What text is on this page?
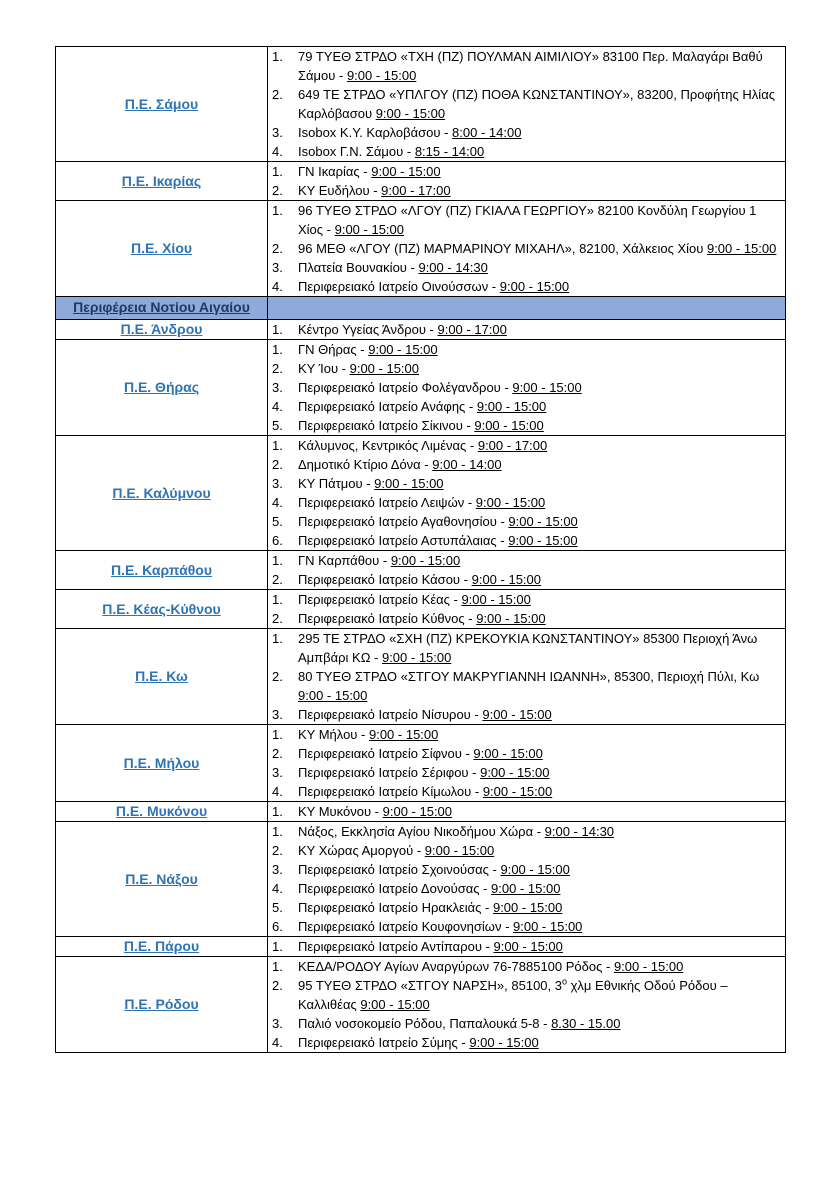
Π.Ε. Σάμου	
79 ΤΥΕΘ ΣΤΡΔΟ «ΤΧΗ (ΠΖ) ΠΟΥΛΜΑΝ ΑΙΜΙΛΙΟΥ» 83100 Περ. Μαλαγάρι Βαθύ Σάμου - 9:00 - 15:00
649 ΤΕ ΣΤΡΔΟ «ΥΠΛΓΟΥ (ΠΖ) ΠΟΘΑ ΚΩΝΣΤΑΝΤΙΝΟΥ», 83200, Προφήτης Ηλίας Καρλόβασου 9:00 - 15:00
Isobox Κ.Υ. Καρλοβάσου - 8:00 - 14:00
Isobox Γ.Ν. Σάμου - 8:15 - 14:00

Π.Ε. Ικαρίας	
ΓΝ Ικαρίας - 9:00 - 15:00
ΚΥ Ευδήλου - 9:00 - 17:00

Π.Ε. Χίου	
96 ΤΥΕΘ ΣΤΡΔΟ «ΛΓΟΥ (ΠΖ) ΓΚΙΑΛΑ ΓΕΩΡΓΙΟΥ» 82100 Κονδύλη Γεωργίου 1 Χίος - 9:00 - 15:00
96 ΜΕΘ «ΛΓΟΥ (ΠΖ) ΜΑΡΜΑΡΙΝΟΥ ΜΙΧΑΗΛ», 82100, Χάλκειος Χίου 9:00 - 15:00
Πλατεία Βουνακίου - 9:00 - 14:30
Περιφερειακό Ιατρείο Οινούσσων - 9:00 - 15:00

Περιφέρεια Νοτίου Αιγαίου	
Π.Ε. Άνδρου	Κέντρο Υγείας Άνδρου - 9:00 - 17:00

Π.Ε. Θήρας	
ΓΝ Θήρας - 9:00 - 15:00
ΚΥ Ίου - 9:00 - 15:00
Περιφερειακό Ιατρείο Φολέγανδρου - 9:00 - 15:00
Περιφερειακό Ιατρείο Ανάφης - 9:00 - 15:00
Περιφερειακό Ιατρείο Σίκινου - 9:00 - 15:00

Π.Ε. Καλύμνου	
Κάλυμνος, Κεντρικός Λιμένας - 9:00 - 17:00
Δημοτικό Κτίριο Δόνα - 9:00 - 14:00
ΚΥ Πάτμου - 9:00 - 15:00
Περιφερειακό Ιατρείο Λειψών - 9:00 - 15:00
Περιφερειακό Ιατρείο Αγαθονησίου - 9:00 - 15:00
Περιφερειακό Ιατρείο Αστυπάλαιας - 9:00 - 15:00

Π.Ε. Καρπάθου	
ΓΝ Καρπάθου - 9:00 - 15:00
Περιφερειακό Ιατρείο Κάσου - 9:00 - 15:00

Π.Ε. Κέας-Κύθνου	
Περιφερειακό Ιατρείο Κέας - 9:00 - 15:00
Περιφερειακό Ιατρείο Κύθνος - 9:00 - 15:00

Π.Ε. Κω	
295 ΤΕ ΣΤΡΔΟ «ΣΧΗ (ΠΖ) ΚΡΕΚΟΥΚΙΑ ΚΩΝΣΤΑΝΤΙΝΟΥ» 85300 Περιοχή Άνω Αμπβάρι ΚΩ - 9:00 - 15:00
80 ΤΥΕΘ ΣΤΡΔΟ «ΣΤΓΟΥ ΜΑΚΡΥΓΙΑΝΝΗ ΙΩΑΝΝΗ», 85300, Περιοχή Πύλι, Κω 9:00 - 15:00
Περιφερειακό Ιατρείο Νίσυρου - 9:00 - 15:00

Π.Ε. Μήλου	
ΚΥ Μήλου - 9:00 - 15:00
Περιφερειακό Ιατρείο Σίφνου - 9:00 - 15:00
Περιφερειακό Ιατρείο Σέριφου - 9:00 - 15:00
Περιφερειακό Ιατρείο Κίμωλου - 9:00 - 15:00

Π.Ε. Μυκόνου	ΚΥ Μυκόνου - 9:00 - 15:00

Π.Ε. Νάξου	
Νάξος, Εκκλησία Αγίου Νικοδήμου Χώρα - 9:00 - 14:30
ΚΥ Χώρας Αμοργού - 9:00 - 15:00
Περιφερειακό Ιατρείο Σχοινούσας - 9:00 - 15:00
Περιφερειακό Ιατρείο Δονούσας - 9:00 - 15:00
Περιφερειακό Ιατρείο Ηρακλειάς - 9:00 - 15:00
Περιφερειακό Ιατρείο Κουφονησίων - 9:00 - 15:00

Π.Ε. Πάρου	Περιφερειακό Ιατρείο Αντίπαρου - 9:00 - 15:00

Π.Ε. Ρόδου	
ΚΕΔΑ/ΡΟΔΟΥ Αγίων Αναργύρων 76-7885100 Ρόδος - 9:00 - 15:00
95 ΤΥΕΘ ΣΤΡΔΟ «ΣΤΓΟΥ ΝΑΡΣΗ», 85100, $3^o$ χλμ Εθνικής Οδού Ρόδου – Καλλιθέας 9:00 - 15:00
Παλιό νοσοκομείο Ρόδου, Παπαλουκά 5-8 - 8.30 - 15.00
Περιφερειακό Ιατρείο Σύμης - 9:00 - 15:00
